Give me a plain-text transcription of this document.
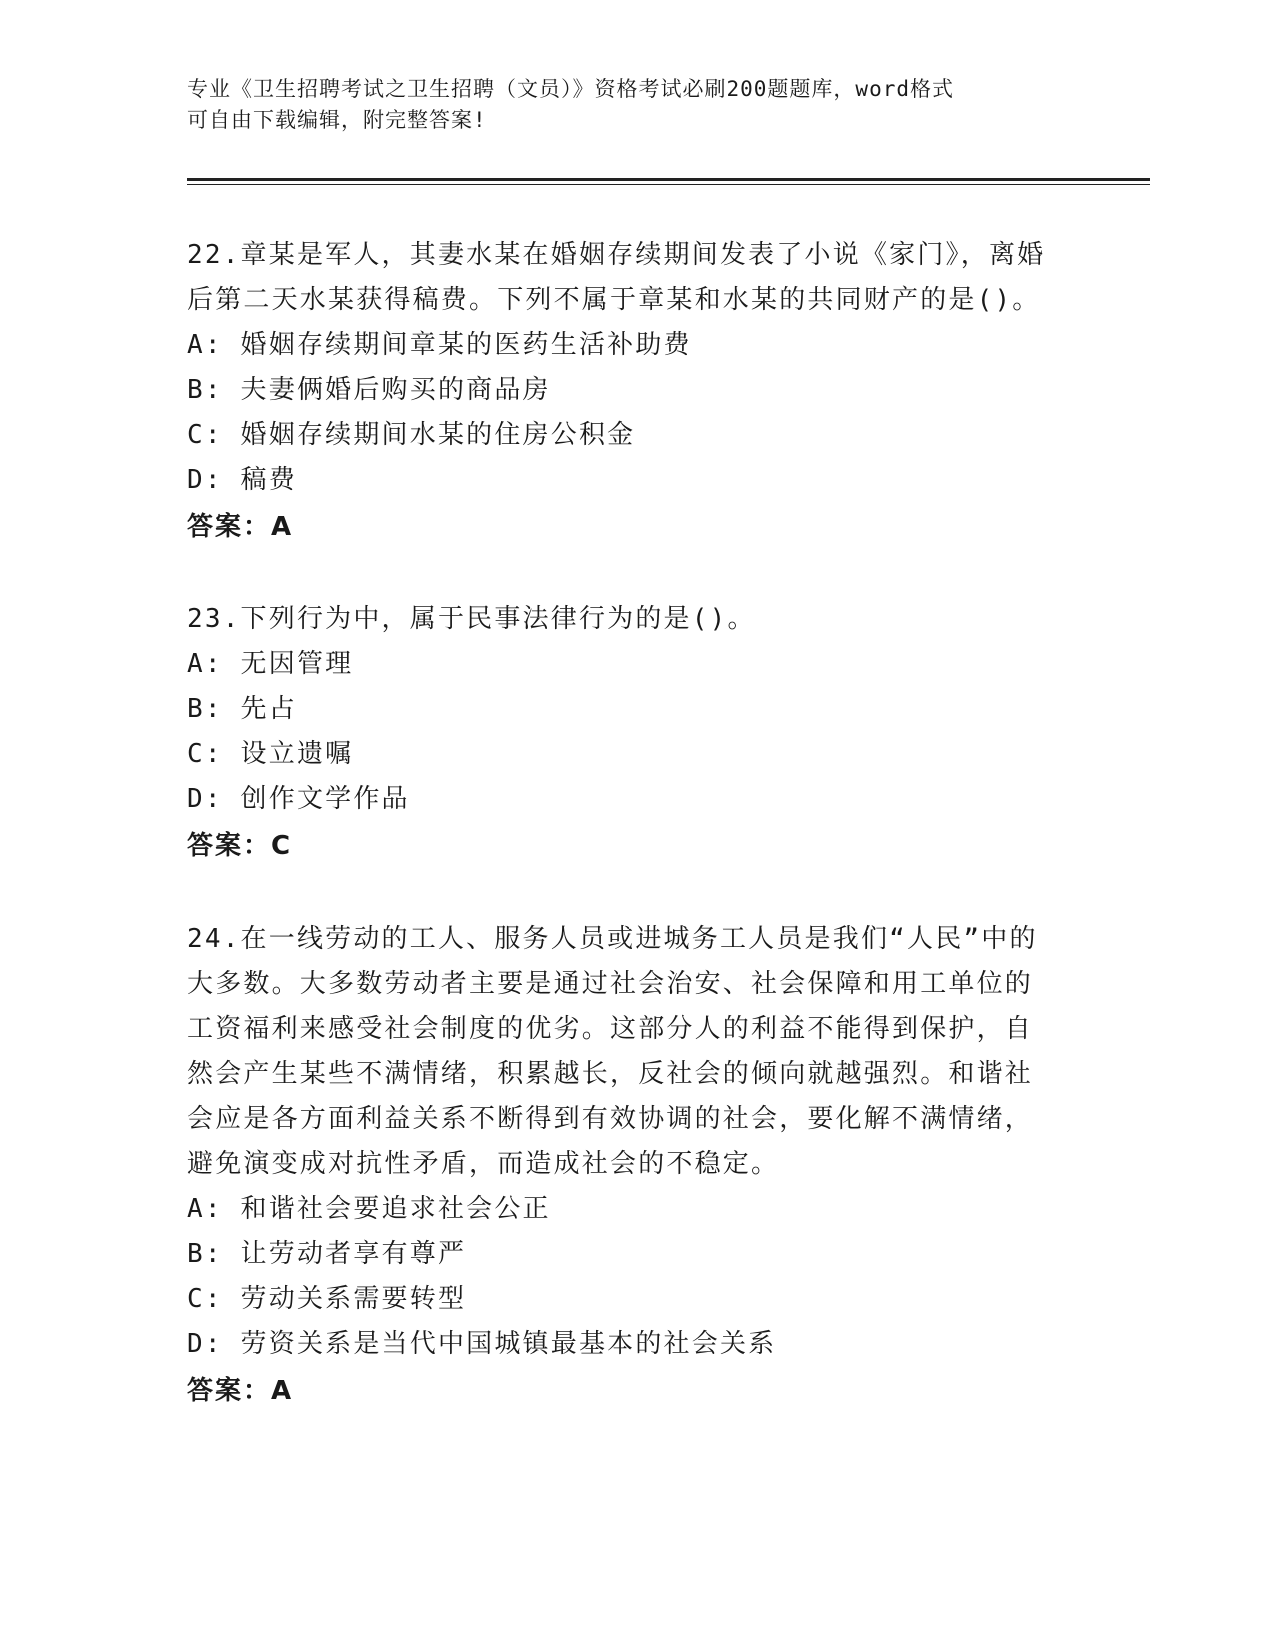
专业《卫生招聘考试之卫生招聘（文员）》资格考试必刷200题题库，word格式
可自由下载编辑，附完整答案!
22.章某是军人，其妻水某在婚姻存续期间发表了小说《家门》，离婚
后第二天水某获得稿费。下列不属于章某和水某的共同财产的是()。
A: 婚姻存续期间章某的医药生活补助费
B: 夫妻俩婚后购买的商品房
C: 婚姻存续期间水某的住房公积金
D: 稿费
答案：A
23.下列行为中，属于民事法律行为的是()。
A: 无因管理
B: 先占
C: 设立遗嘱
D: 创作文学作品
答案：C
24.在一线劳动的工人、服务人员或进城务工人员是我们“人民”中的
大多数。大多数劳动者主要是通过社会治安、社会保障和用工单位的
工资福利来感受社会制度的优劣。这部分人的利益不能得到保护，自
然会产生某些不满情绪，积累越长，反社会的倾向就越强烈。和谐社
会应是各方面利益关系不断得到有效协调的社会，要化解不满情绪，
避免演变成对抗性矛盾，而造成社会的不稳定。
A: 和谐社会要追求社会公正
B: 让劳动者享有尊严
C: 劳动关系需要转型
D: 劳资关系是当代中国城镇最基本的社会关系
答案：A
